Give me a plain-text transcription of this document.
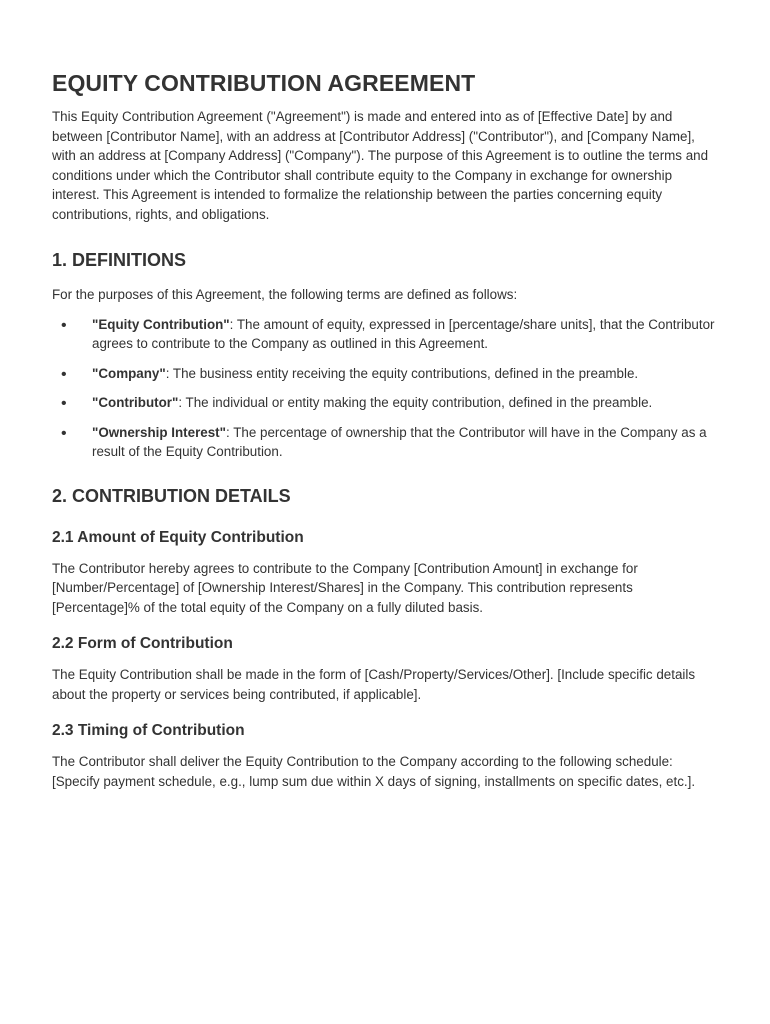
EQUITY CONTRIBUTION AGREEMENT

This Equity Contribution Agreement ("Agreement") is made and entered into as of [Effective Date] by and between [Contributor Name], with an address at [Contributor Address] ("Contributor"), and [Company Name], with an address at [Company Address] ("Company"). The purpose of this Agreement is to outline the terms and conditions under which the Contributor shall contribute equity to the Company in exchange for ownership interest. This Agreement is intended to formalize the relationship between the parties concerning equity contributions, rights, and obligations.

1. DEFINITIONS

For the purposes of this Agreement, the following terms are defined as follows:

• "Equity Contribution": The amount of equity, expressed in [percentage/share units], that the Contributor agrees to contribute to the Company as outlined in this Agreement.
• "Company": The business entity receiving the equity contributions, defined in the preamble.
• "Contributor": The individual or entity making the equity contribution, defined in the preamble.
• "Ownership Interest": The percentage of ownership that the Contributor will have in the Company as a result of the Equity Contribution.
2. CONTRIBUTION DETAILS
2.1 Amount of Equity Contribution

The Contributor hereby agrees to contribute to the Company [Contribution Amount] in exchange for [Number/Percentage] of [Ownership Interest/Shares] in the Company. This contribution represents [Percentage]% of the total equity of the Company on a fully diluted basis.

2.2 Form of Contribution

The Equity Contribution shall be made in the form of [Cash/Property/Services/Other]. [Include specific details about the property or services being contributed, if applicable].

2.3 Timing of Contribution

The Contributor shall deliver the Equity Contribution to the Company according to the following schedule: [Specify payment schedule, e.g., lump sum due within X days of signing, installments on specific dates, etc.].
